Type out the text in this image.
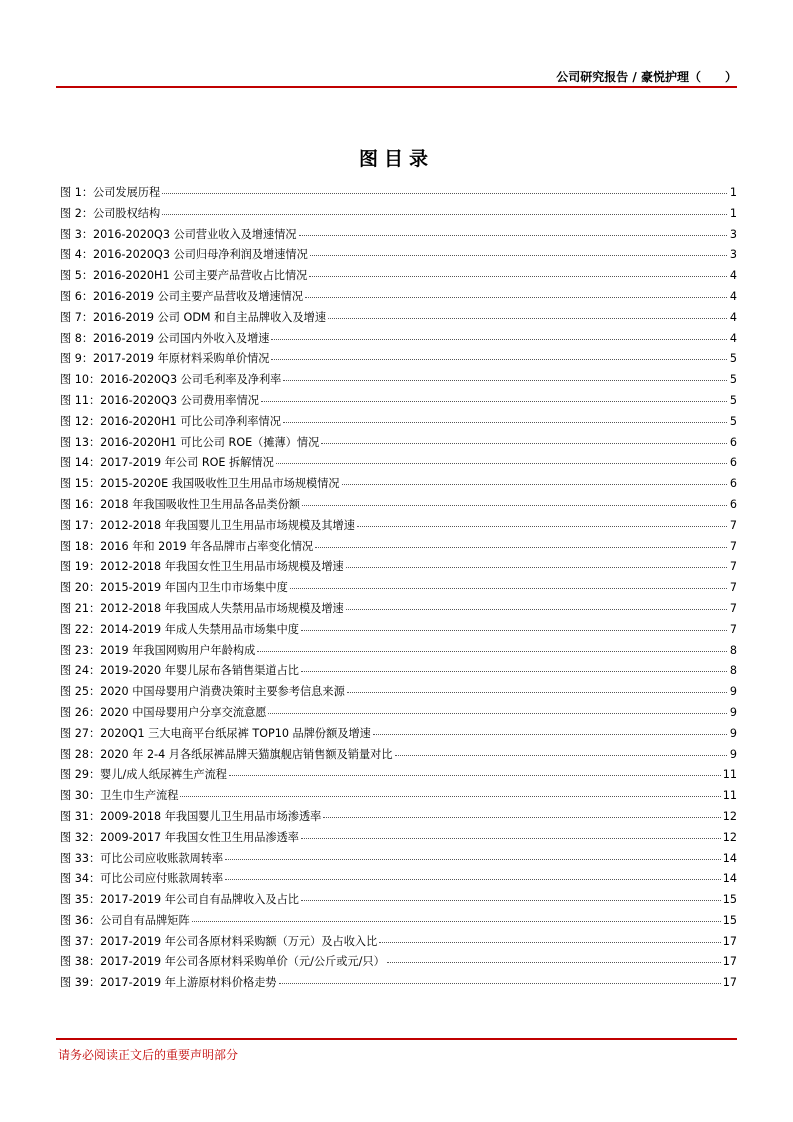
公司研究报告 / 豪悦护理（　　）
图目录
图 1：公司发展历程	1
图 2：公司股权结构	1
图 3：2016-2020Q3 公司营业收入及增速情况	3
图 4：2016-2020Q3 公司归母净利润及增速情况	3
图 5：2016-2020H1 公司主要产品营收占比情况	4
图 6：2016-2019 公司主要产品营收及增速情况	4
图 7：2016-2019 公司 ODM 和自主品牌收入及增速	4
图 8：2016-2019 公司国内外收入及增速	4
图 9：2017-2019 年原材料采购单价情况	5
图 10：2016-2020Q3 公司毛利率及净利率	5
图 11：2016-2020Q3 公司费用率情况	5
图 12：2016-2020H1 可比公司净利率情况	5
图 13：2016-2020H1 可比公司 ROE（摊薄）情况	6
图 14：2017-2019 年公司 ROE 拆解情况	6
图 15：2015-2020E 我国吸收性卫生用品市场规模情况	6
图 16：2018 年我国吸收性卫生用品各品类份额	6
图 17：2012-2018 年我国婴儿卫生用品市场规模及其增速	7
图 18：2016 年和 2019 年各品牌市占率变化情况	7
图 19：2012-2018 年我国女性卫生用品市场规模及增速	7
图 20：2015-2019 年国内卫生巾市场集中度	7
图 21：2012-2018 年我国成人失禁用品市场规模及增速	7
图 22：2014-2019 年成人失禁用品市场集中度	7
图 23：2019 年我国网购用户年龄构成	8
图 24：2019-2020 年婴儿尿布各销售渠道占比	8
图 25：2020 中国母婴用户消费决策时主要参考信息来源	9
图 26：2020 中国母婴用户分享交流意愿	9
图 27：2020Q1 三大电商平台纸尿裤 TOP10 品牌份额及增速	9
图 28：2020 年 2-4 月各纸尿裤品牌天猫旗舰店销售额及销量对比	9
图 29：婴儿/成人纸尿裤生产流程	11
图 30：卫生巾生产流程	11
图 31：2009-2018 年我国婴儿卫生用品市场渗透率	12
图 32：2009-2017 年我国女性卫生用品渗透率	12
图 33：可比公司应收账款周转率	14
图 34：可比公司应付账款周转率	14
图 35：2017-2019 年公司自有品牌收入及占比	15
图 36：公司自有品牌矩阵	15
图 37：2017-2019 年公司各原材料采购额（万元）及占收入比	17
图 38：2017-2019 年公司各原材料采购单价（元/公斤或元/只）	17
图 39：2017-2019 年上游原材料价格走势	17
请务必阅读正文后的重要声明部分
